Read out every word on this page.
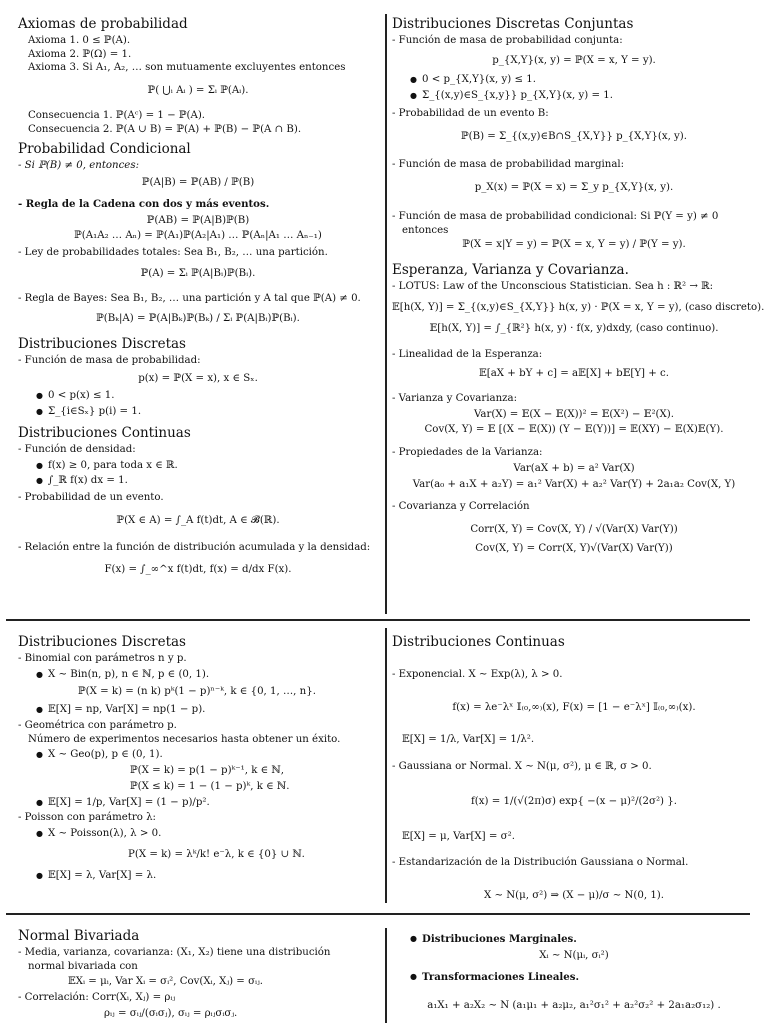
Axiomas de probabilidad
Axioma 1. 0 ≤ ℙ(A).
Axioma 2. ℙ(Ω) = 1.
Axioma 3. Si A₁, A₂, … son mutuamente excluyentes entonces
ℙ( ⋃ᵢ Aᵢ ) = Σᵢ ℙ(Aᵢ).
Consecuencia 1. ℙ(Aᶜ) = 1 − ℙ(A).
Consecuencia 2. ℙ(A ∪ B) = ℙ(A) + ℙ(B) − ℙ(A ∩ B).
Probabilidad Condicional
- Si ℙ(B) ≠ 0, entonces:
ℙ(A|B) = ℙ(AB) / ℙ(B)
- Regla de la Cadena con dos y más eventos.
ℙ(AB) = ℙ(A|B)ℙ(B)
ℙ(A₁A₂ … Aₙ) = ℙ(A₁)ℙ(A₂|A₁) … ℙ(Aₙ|A₁ … Aₙ₋₁)
- Ley de probabilidades totales: Sea B₁, B₂, … una partición.
ℙ(A) = Σᵢ ℙ(A|Bᵢ)ℙ(Bᵢ).
- Regla de Bayes: Sea B₁, B₂, … una partición y A tal que ℙ(A) ≠ 0.
ℙ(Bₖ|A) = ℙ(A|Bₖ)ℙ(Bₖ) / Σᵢ ℙ(A|Bᵢ)ℙ(Bᵢ).
Distribuciones Discretas
- Función de masa de probabilidad:
p(x) = ℙ(X = x), x ∈ Sₓ.
● 0 < p(x) ≤ 1.
● Σ_{i∈Sₓ} p(i) = 1.
Distribuciones Continuas
- Función de densidad:
● f(x) ≥ 0, para toda x ∈ ℝ.
● ∫_ℝ f(x) dx = 1.
- Probabilidad de un evento.
ℙ(X ∈ A) = ∫_A f(t)dt, A ∈ 𝓑(ℝ).
- Relación entre la función de distribución acumulada y la densidad:
F(x) = ∫_∞^x f(t)dt, f(x) = d/dx F(x).
Distribuciones Discretas Conjuntas
- Función de masa de probabilidad conjunta:
p_{X,Y}(x, y) = ℙ(X = x, Y = y).
● 0 < p_{X,Y}(x, y) ≤ 1.
● Σ_{(x,y)∈S_{x,y}} p_{X,Y}(x, y) = 1.
- Probabilidad de un evento B:
ℙ(B) = Σ_{(x,y)∈B∩S_{X,Y}} p_{X,Y}(x, y).
- Función de masa de probabilidad marginal:
p_X(x) = ℙ(X = x) = Σ_y p_{X,Y}(x, y).
- Función de masa de probabilidad condicional: Si ℙ(Y = y) ≠ 0
entonces
ℙ(X = x|Y = y) = ℙ(X = x, Y = y) / ℙ(Y = y).
Esperanza, Varianza y Covarianza.
- LOTUS: Law of the Unconscious Statistician. Sea h : ℝ² → ℝ:
𝔼[h(X, Y)] = Σ_{(x,y)∈S_{X,Y}} h(x, y) · ℙ(X = x, Y = y), (caso discreto).
𝔼[h(X, Y)] = ∫_{ℝ²} h(x, y) · f(x, y)dxdy, (caso continuo).
- Linealidad de la Esperanza:
𝔼[aX + bY + c] = a𝔼[X] + b𝔼[Y] + c.
- Varianza y Covarianza:
Var(X) = 𝔼(X − 𝔼(X))² = 𝔼(X²) − 𝔼²(X).
Cov(X, Y) = 𝔼 [(X − 𝔼(X)) (Y − 𝔼(Y))] = 𝔼(XY) − 𝔼(X)𝔼(Y).
- Propiedades de la Varianza:
Var(aX + b) = a² Var(X)
Var(a₀ + a₁X + a₂Y) = a₁² Var(X) + a₂² Var(Y) + 2a₁a₂ Cov(X, Y)
- Covarianza y Correlación
Corr(X, Y) = Cov(X, Y) / √(Var(X) Var(Y))
Cov(X, Y) = Corr(X, Y)√(Var(X) Var(Y))
Distribuciones Discretas
- Binomial con parámetros n y p.
● X ∼ Bin(n, p), n ∈ ℕ, p ∈ (0, 1).
ℙ(X = k) = (n k) pᵏ(1 − p)ⁿ⁻ᵏ, k ∈ {0, 1, …, n}.
● 𝔼[X] = np, Var[X] = np(1 − p).
- Geométrica con parámetro p.
Número de experimentos necesarios hasta obtener un éxito.
● X ∼ Geo(p), p ∈ (0, 1).
ℙ(X = k) = p(1 − p)ᵏ⁻¹, k ∈ ℕ,
ℙ(X ≤ k) = 1 − (1 − p)ᵏ, k ∈ ℕ.
● 𝔼[X] = 1/p, Var[X] = (1 − p)/p².
- Poisson con parámetro λ:
● X ∼ Poisson(λ), λ > 0.
P(X = k) = λᵏ/k! e⁻λ, k ∈ {0} ∪ ℕ.
● 𝔼[X] = λ, Var[X] = λ.
Distribuciones Continuas
- Exponencial. X ∼ Exp(λ), λ > 0.
f(x) = λe⁻λˣ 𝕀₍₀,∞₎(x), F(x) = [1 − e⁻λˣ] 𝕀₍₀,∞₎(x).
𝔼[X] = 1/λ, Var[X] = 1/λ².
- Gaussiana or Normal. X ∼ N(μ, σ²), μ ∈ ℝ, σ > 0.
f(x) = 1/(√(2π)σ) exp{ −(x − μ)²/(2σ²) }.
𝔼[X] = μ, Var[X] = σ².
- Estandarización de la Distribución Gaussiana o Normal.
X ∼ N(μ, σ²) ⇒ (X − μ)/σ ∼ N(0, 1).
Normal Bivariada
- Media, varianza, covarianza: (X₁, X₂) tiene una distribución
normal bivariada con
𝔼Xᵢ = μᵢ, Var Xᵢ = σᵢ², Cov(Xᵢ, Xⱼ) = σᵢⱼ.
- Correlación: Corr(Xᵢ, Xⱼ) = ρᵢⱼ
ρᵢⱼ = σᵢⱼ/(σᵢσⱼ), σᵢⱼ = ρᵢⱼσᵢσⱼ.
● Distribuciones Marginales.
Xᵢ ∼ N(μᵢ, σᵢ²)
● Transformaciones Lineales.
a₁X₁ + a₂X₂ ∼ N (a₁μ₁ + a₂μ₂, a₁²σ₁² + a₂²σ₂² + 2a₁a₂σ₁₂) .
